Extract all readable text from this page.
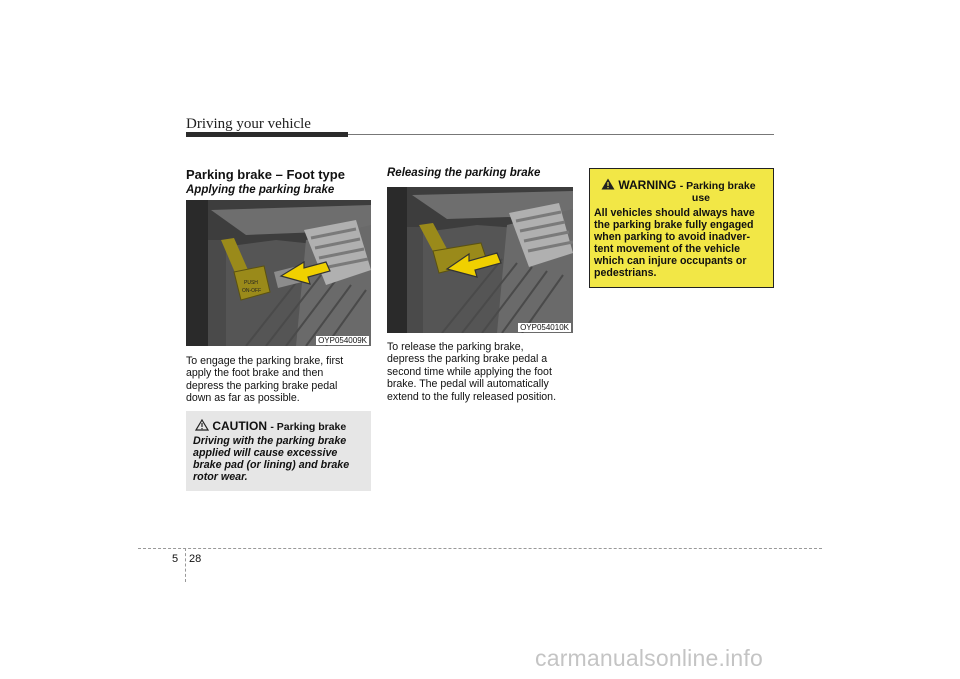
Driving your vehicle
Parking brake – Foot type
Applying the parking brake
PUSH
ON-OFF
OYP054009K
To engage the parking brake, first
apply the foot brake and then
depress the parking brake pedal
down as far as possible.
CAUTION - Parking brake
Driving with the parking brake
applied will cause excessive
brake pad (or lining) and brake
rotor wear.
Releasing the parking brake
OYP054010K
To release the parking brake,
depress the parking brake pedal a
second time while applying the foot
brake. The pedal will automatically
extend to the fully released position.
WARNING - Parking brake
use
All vehicles should always have
the parking brake fully engaged
when parking to avoid inadver-
tent movement of the vehicle
which can injure occupants or
pedestrians.
5 28
carmanualsonline.info
